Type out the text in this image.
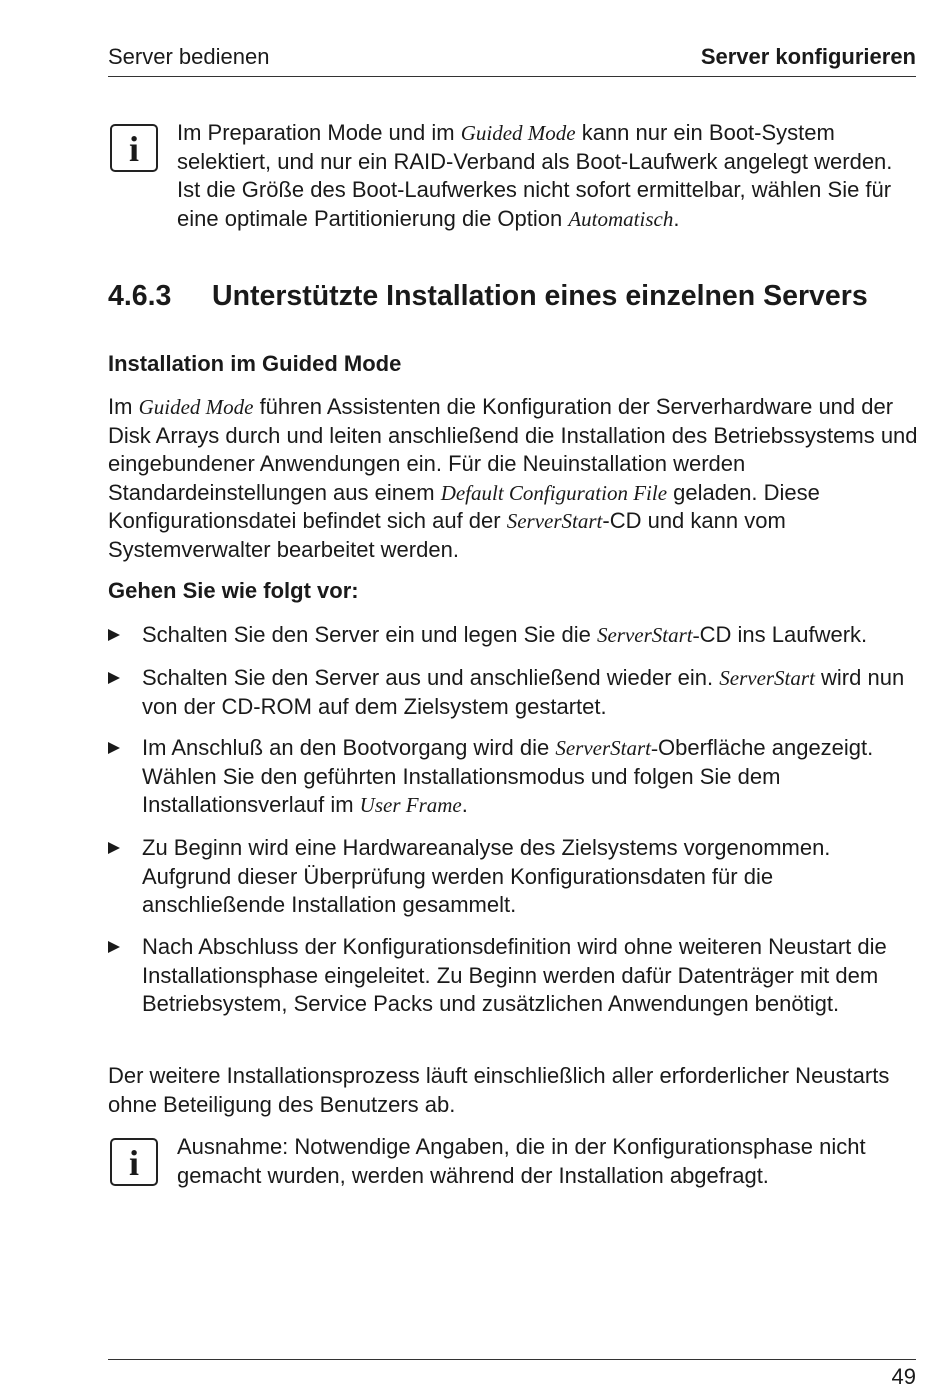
Server bedienen	Server konfigurieren
i	Im Preparation Mode und im Guided Mode kann nur ein Boot-System selektiert, und nur ein RAID-Verband als Boot-Laufwerk angelegt werden. Ist die Größe des Boot-Laufwerkes nicht sofort ermittelbar, wählen Sie für eine optimale Partitionierung die Option Automatisch.
4.6.3 Unterstützte Installation eines einzelnen Servers
Installation im Guided Mode
Im Guided Mode führen Assistenten die Konfiguration der Serverhardware und der Disk Arrays durch und leiten anschließend die Installation des Betriebssystems und eingebundener Anwendungen ein. Für die Neuinstallation werden Standardeinstellungen aus einem Default Configuration File geladen. Diese Konfigurationsdatei befindet sich auf der ServerStart-CD und kann vom Systemverwalter bearbeitet werden.
Gehen Sie wie folgt vor:
Schalten Sie den Server ein und legen Sie die ServerStart-CD ins Laufwerk.
Schalten Sie den Server aus und anschließend wieder ein. ServerStart wird nun von der CD-ROM auf dem Zielsystem gestartet.
Im Anschluß an den Bootvorgang wird die ServerStart-Oberfläche angezeigt. Wählen Sie den geführten Installationsmodus und folgen Sie dem Installationsverlauf im User Frame.
Zu Beginn wird eine Hardwareanalyse des Zielsystems vorgenommen. Aufgrund dieser Überprüfung werden Konfigurationsdaten für die anschließende Installation gesammelt.
Nach Abschluss der Konfigurationsdefinition wird ohne weiteren Neustart die Installationsphase eingeleitet. Zu Beginn werden dafür Datenträger mit dem Betriebsystem, Service Packs und zusätzlichen Anwendungen benötigt.
Der weitere Installationsprozess läuft einschließlich aller erforderlicher Neustarts ohne Beteiligung des Benutzers ab.
i	Ausnahme: Notwendige Angaben, die in der Konfigurationsphase nicht gemacht wurden, werden während der Installation abgefragt.
49
